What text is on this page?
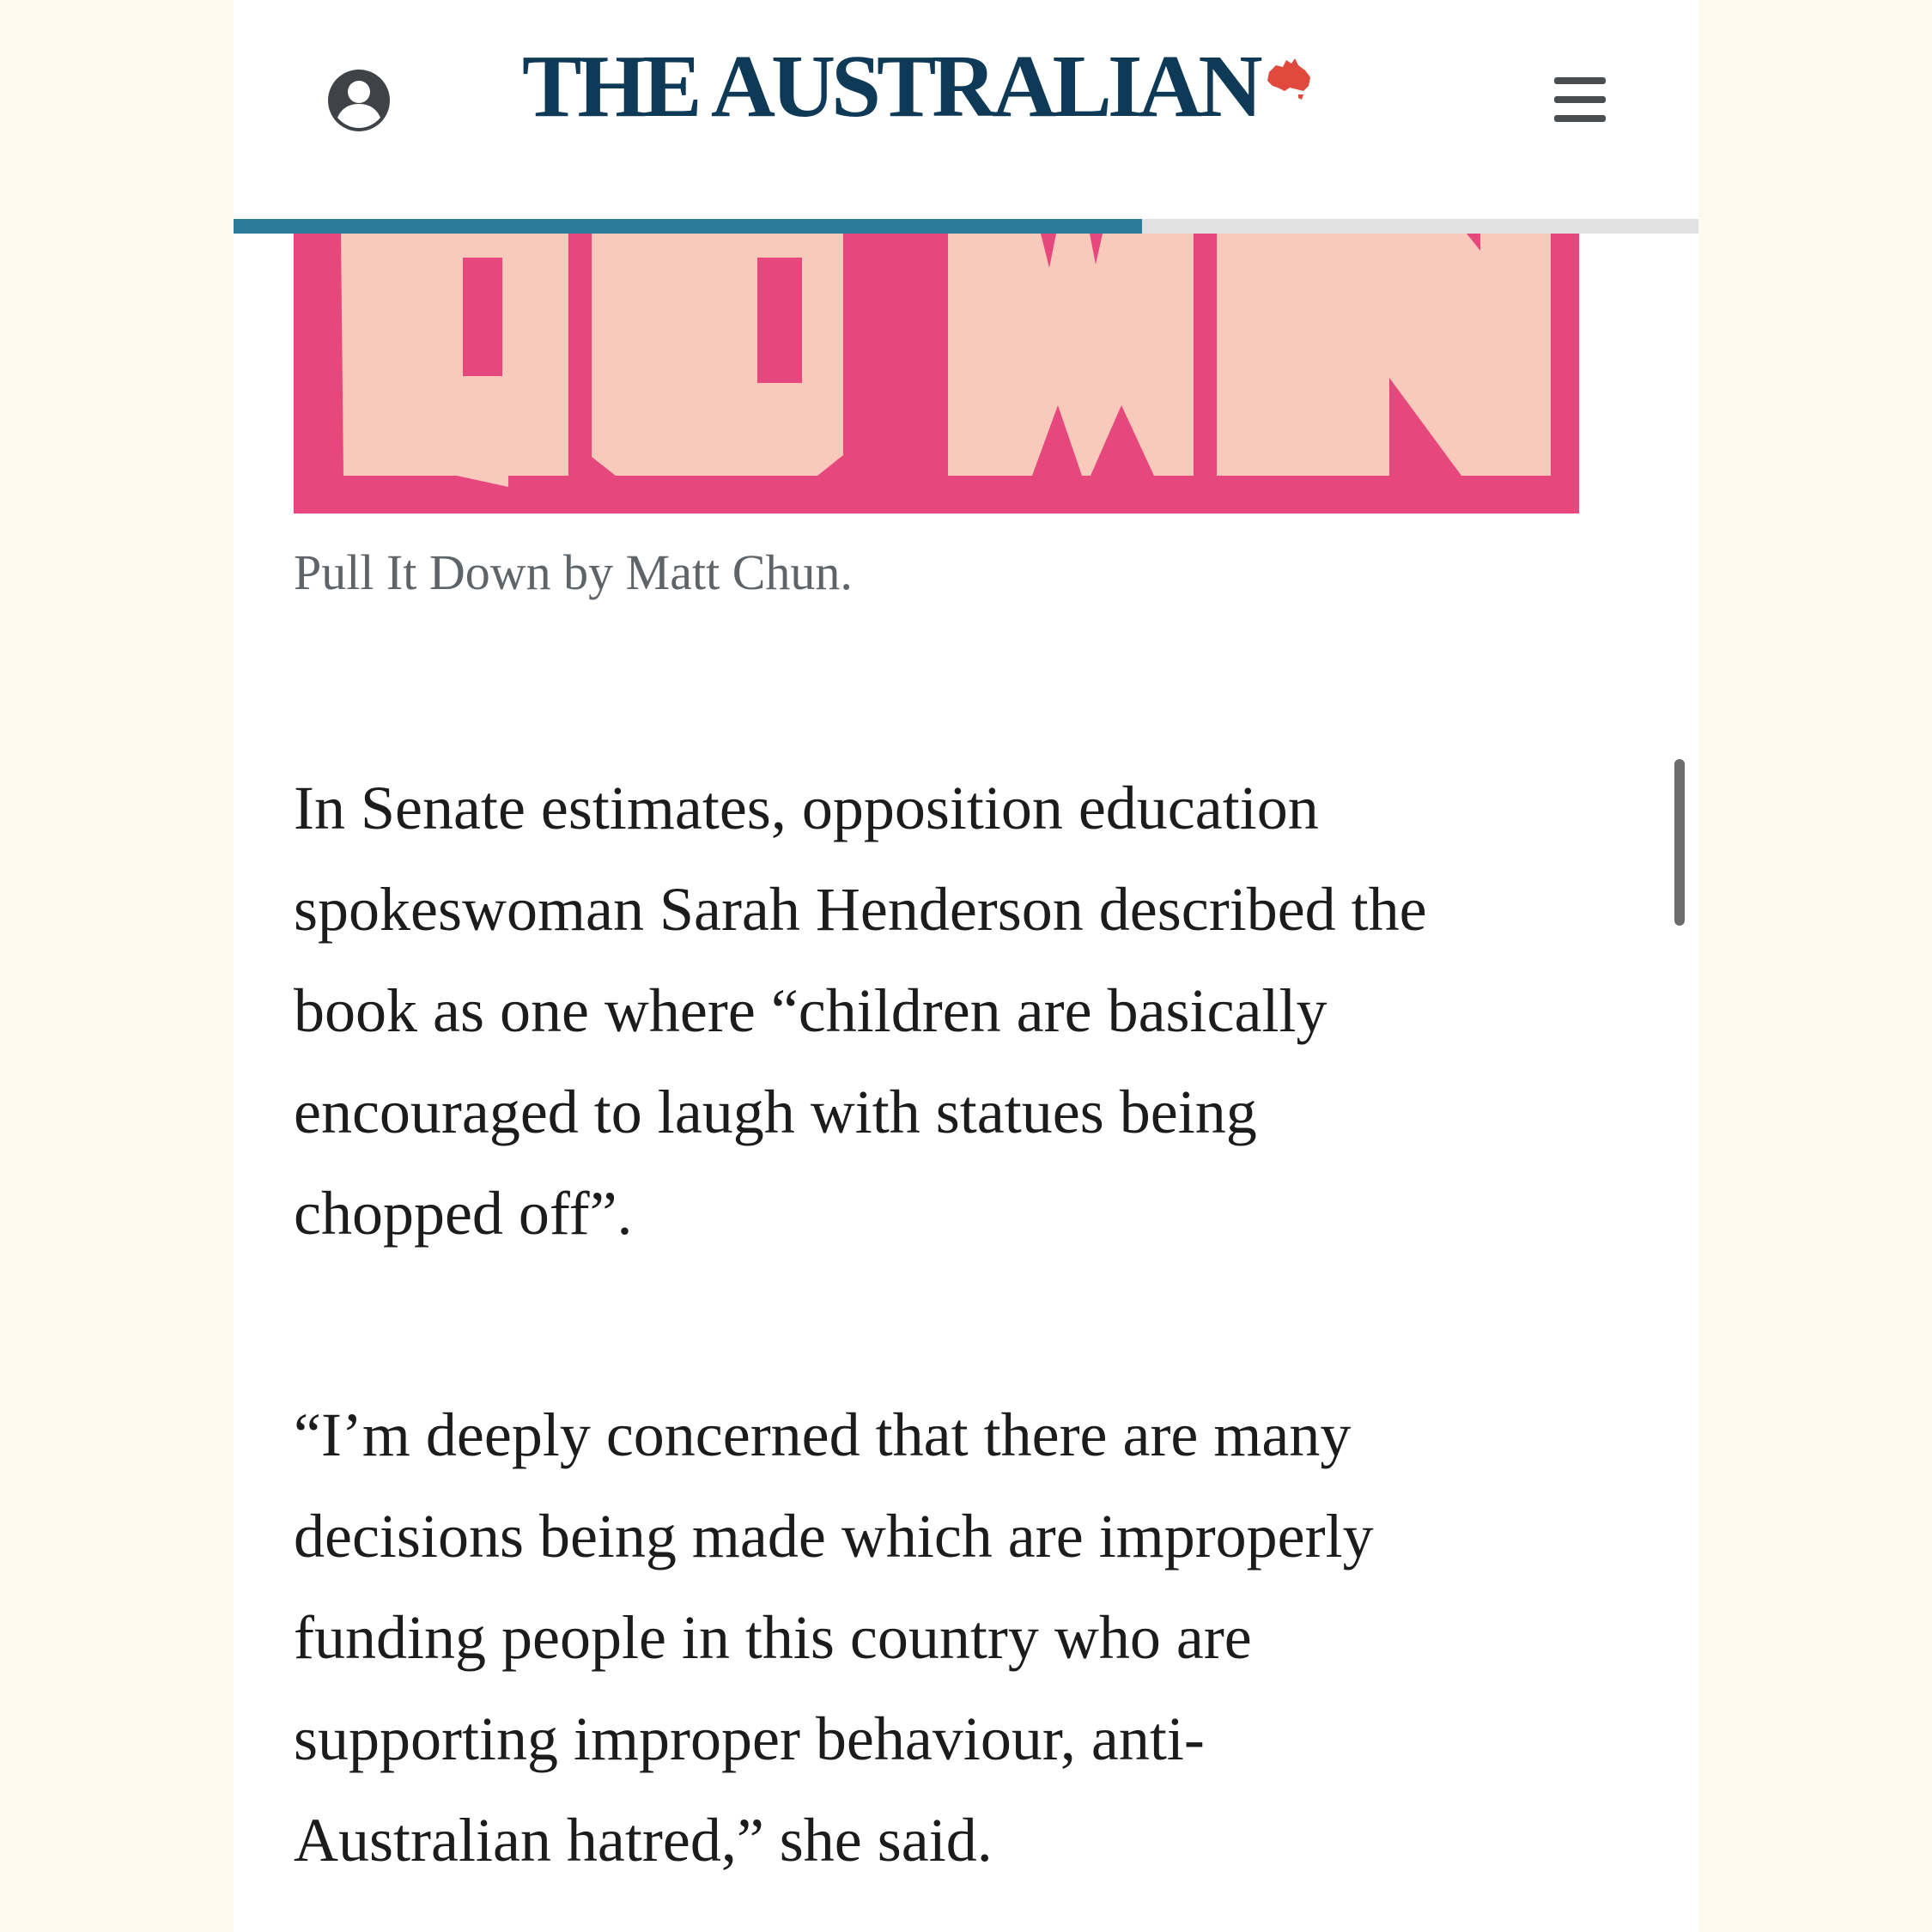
THE AUSTRALIAN
Pull It Down by Matt Chun.
In Senate estimates, opposition education
spokeswoman Sarah Henderson described the
book as one where “children are basically
encouraged to laugh with statues being
chopped off”.
“I’m deeply concerned that there are many
decisions being made which are improperly
funding people in this country who are
supporting improper behaviour, anti-
Australian hatred,” she said.
